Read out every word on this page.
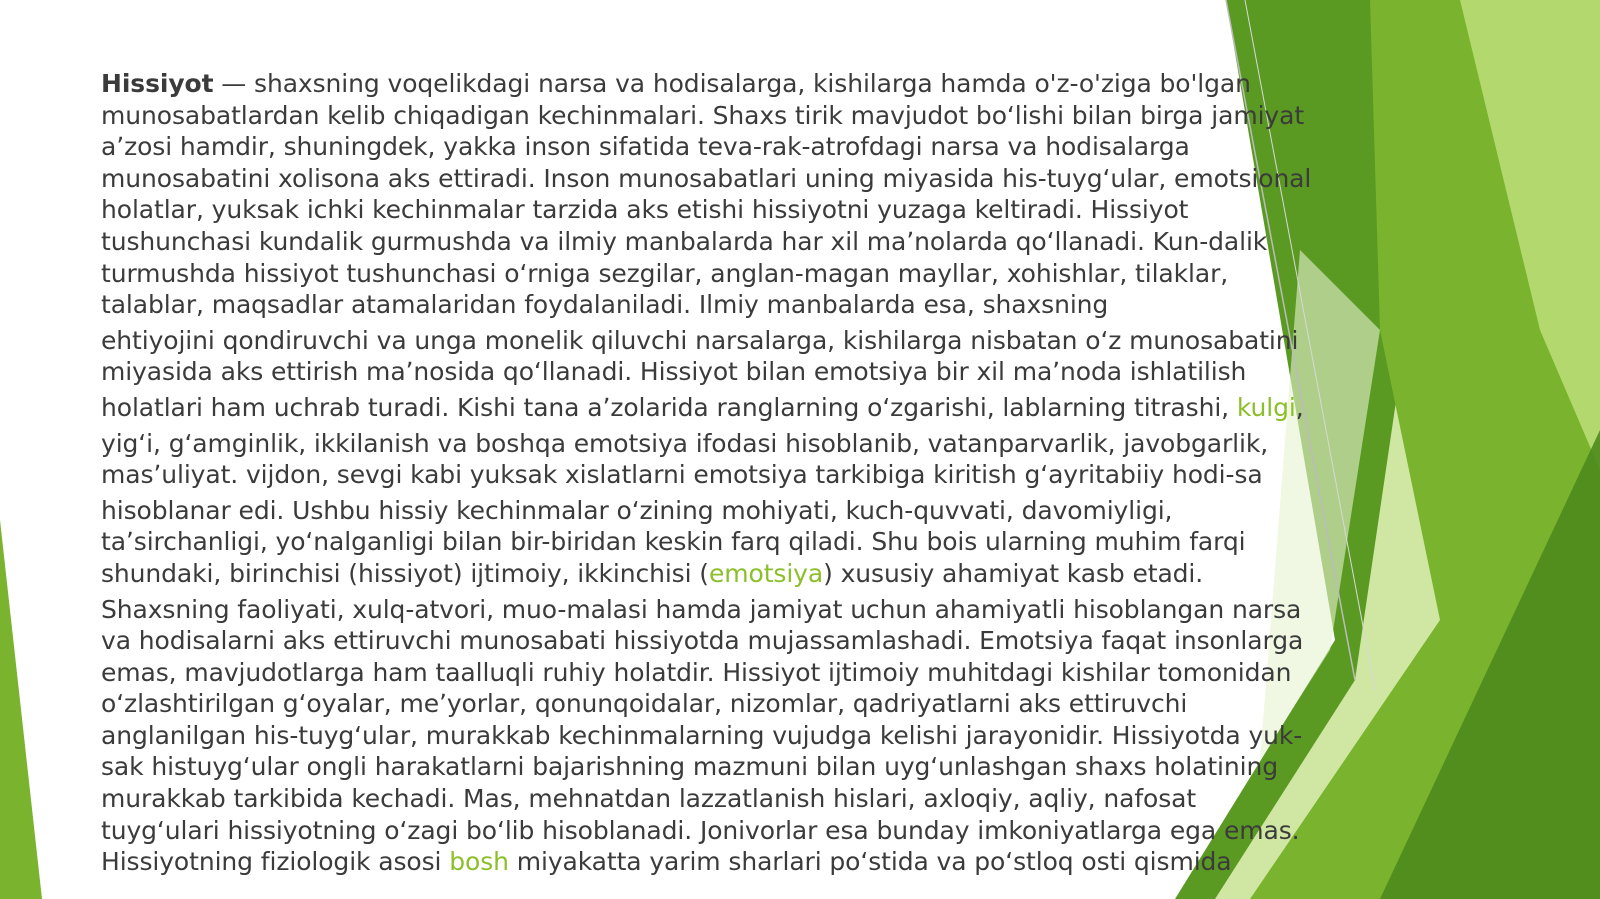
Hissiyot — shaxsning voqelikdagi narsa va hodisalarga, kishilarga hamda o'z-o'ziga bo'lgan munosabatlardan kelib chiqadigan kechinmalari. Shaxs tirik mavjudot boʻlishi bilan birga jamiyat aʼzosi hamdir, shuningdek, yakka inson sifatida teva-rak-atrofdagi narsa va hodisalarga munosabatini xolisona aks ettiradi. Inson munosabatlari uning miyasida his-tuygʻular, emotsional holatlar, yuksak ichki kechinmalar tarzida aks etishi hissiyotni yuzaga keltiradi. Hissiyot tushunchasi kundalik gurmushda va ilmiy manbalarda har xil maʼnolarda qoʻllanadi. Kun-dalik turmushda hissiyot tushunchasi oʻrniga sezgilar, anglan-magan mayllar, xohishlar, tilaklar, talablar, maqsadlar atamalaridan foydalaniladi. Ilmiy manbalarda esa, shaxsning

ehtiyojini qondiruvchi va unga monelik qiluvchi narsalarga, kishilarga nisbatan oʻz munosabatini miyasida aks ettirish maʼnosida qoʻllanadi. Hissiyot bilan emotsiya bir xil maʼnoda ishlatilish

holatlari ham uchrab turadi. Kishi tana aʼzolarida ranglarning oʻzgarishi, lablarning titrashi, kulgi,

yigʻi, gʻamginlik, ikkilanish va boshqa emotsiya ifodasi hisoblanib, vatanparvarlik, javobgarlik, masʼuliyat. vijdon, sevgi kabi yuksak xislatlarni emotsiya tarkibiga kiritish gʻayritabiiy hodi-sa

hisoblanar edi. Ushbu hissiy kechinmalar oʻzining mohiyati, kuch-quvvati, davomiyligi, taʼsirchanligi, yoʻnalganligi bilan bir-biridan keskin farq qiladi. Shu bois ularning muhim farqi shundaki, birinchisi (hissiyot) ijtimoiy, ikkinchisi (emotsiya) xususiy ahamiyat kasb etadi.

Shaxsning faoliyati, xulq-atvori, muo-malasi hamda jamiyat uchun ahamiyatli hisoblangan narsa va hodisalarni aks ettiruvchi munosabati hissiyotda mujassamlashadi. Emotsiya faqat insonlarga emas, mavjudotlarga ham taalluqli ruhiy holatdir. Hissiyot ijtimoiy muhitdagi kishilar tomonidan oʻzlashtirilgan gʻoyalar, meʼyorlar, qonunqoidalar, nizomlar, qadriyatlarni aks ettiruvchi anglanilgan his-tuygʻular, murakkab kechinmalarning vujudga kelishi jarayonidir. Hissiyotda yuk-sak histuygʻular ongli harakatlarni bajarishning mazmuni bilan uygʻunlashgan shaxs holatining murakkab tarkibida kechadi. Mas, mehnatdan lazzatlanish hislari, axloqiy, aqliy, nafosat tuygʻulari hissiyotning oʻzagi boʻlib hisoblanadi. Jonivorlar esa bunday imkoniyatlarga ega emas. Hissiyotning fiziologik asosi bosh miyakatta yarim sharlari poʻstida va poʻstloq osti qismida
